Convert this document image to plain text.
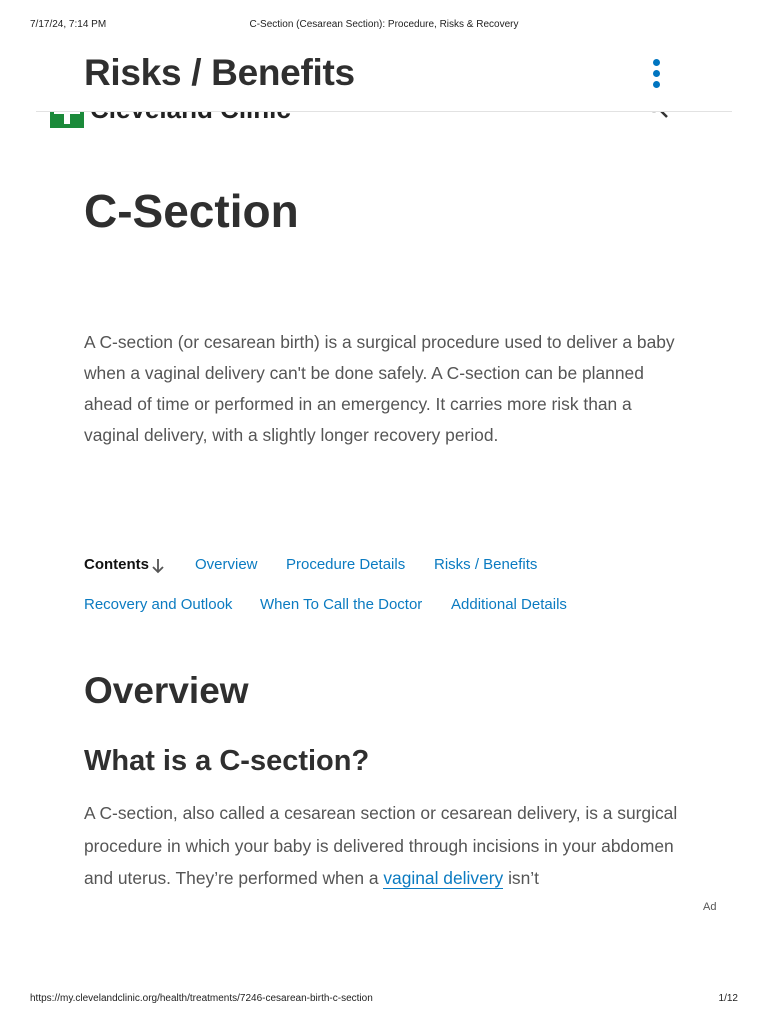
7/17/24, 7:14 PM	C-Section (Cesarean Section): Procedure, Risks & Recovery
Risks / Benefits
C-Section

A C-section (or cesarean birth) is a surgical procedure used to deliver a baby when a vaginal delivery can't be done safely. A C-section can be planned ahead of time or performed in an emergency. It carries more risk than a vaginal delivery, with a slightly longer recovery period.

Contents	Overview Procedure Details Risks / Benefits
Recovery and Outlook When To Call the Doctor Additional Details
Overview
What is a C-section?

A C-section, also called a cesarean section or cesarean delivery, is a surgical procedure in which your baby is delivered through incisions in your abdomen and uterus. They’re performed when a vaginal delivery isn’t

Ad
https://my.clevelandclinic.org/health/treatments/7246-cesarean-birth-c-section	1/12
